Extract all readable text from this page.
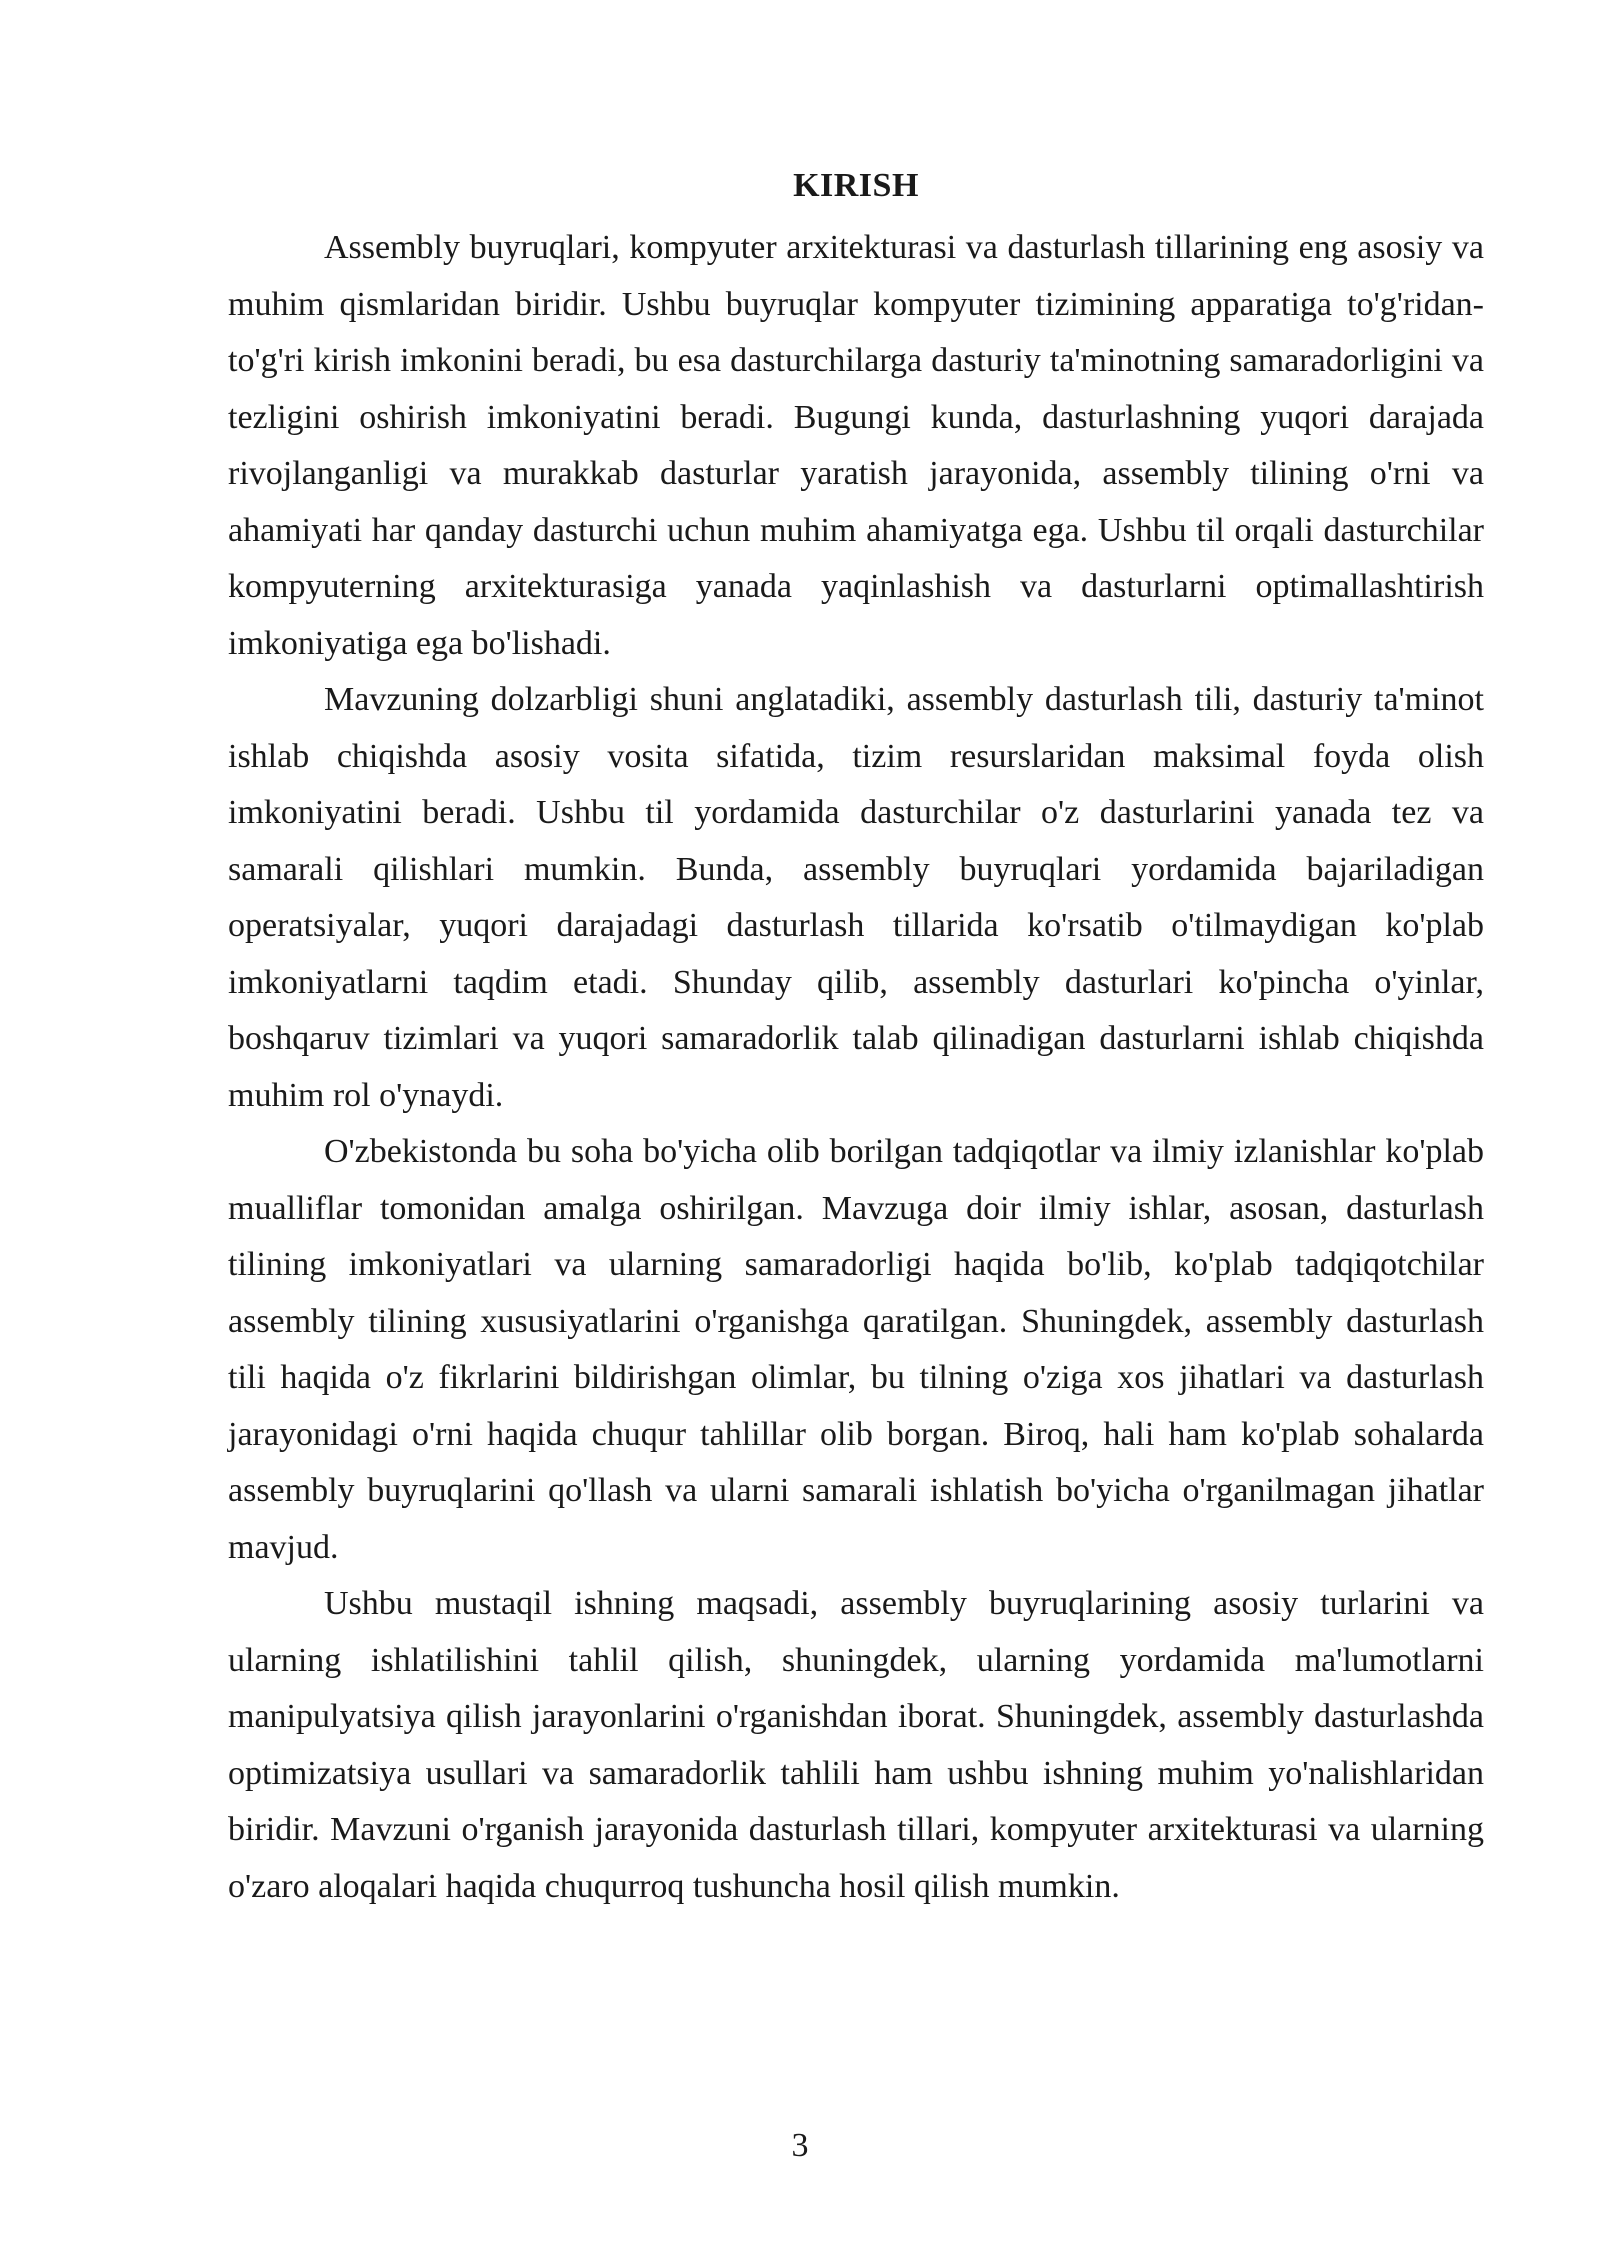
KIRISH

Assembly buyruqlari, kompyuter arxitekturasi va dasturlash tillarining eng asosiy va muhim qismlaridan biridir. Ushbu buyruqlar kompyuter tizimining apparatiga to'g'ridan-to'g'ri kirish imkonini beradi, bu esa dasturchilarga dasturiy ta'minotning samaradorligini va tezligini oshirish imkoniyatini beradi. Bugungi kunda, dasturlashning yuqori darajada rivojlanganligi va murakkab dasturlar yaratish jarayonida, assembly tilining o'rni va ahamiyati har qanday dasturchi uchun muhim ahamiyatga ega. Ushbu til orqali dasturchilar kompyuterning arxitekturasiga yanada yaqinlashish va dasturlarni optimallashtirish imkoniyatiga ega bo'lishadi.

Mavzuning dolzarbligi shuni anglatadiki, assembly dasturlash tili, dasturiy ta'minot ishlab chiqishda asosiy vosita sifatida, tizim resurslaridan maksimal foyda olish imkoniyatini beradi. Ushbu til yordamida dasturchilar o'z dasturlarini yanada tez va samarali qilishlari mumkin. Bunda, assembly buyruqlari yordamida bajariladigan operatsiyalar, yuqori darajadagi dasturlash tillarida ko'rsatib o'tilmaydigan ko'plab imkoniyatlarni taqdim etadi. Shunday qilib, assembly dasturlari ko'pincha o'yinlar, boshqaruv tizimlari va yuqori samaradorlik talab qilinadigan dasturlarni ishlab chiqishda muhim rol o'ynaydi.

O'zbekistonda bu soha bo'yicha olib borilgan tadqiqotlar va ilmiy izlanishlar ko'plab mualliflar tomonidan amalga oshirilgan. Mavzuga doir ilmiy ishlar, asosan, dasturlash tilining imkoniyatlari va ularning samaradorligi haqida bo'lib, ko'plab tadqiqotchilar assembly tilining xususiyatlarini o'rganishga qaratilgan. Shuningdek, assembly dasturlash tili haqida o'z fikrlarini bildirishgan olimlar, bu tilning o'ziga xos jihatlari va dasturlash jarayonidagi o'rni haqida chuqur tahlillar olib borgan. Biroq, hali ham ko'plab sohalarda assembly buyruqlarini qo'llash va ularni samarali ishlatish bo'yicha o'rganilmagan jihatlar mavjud.

Ushbu mustaqil ishning maqsadi, assembly buyruqlarining asosiy turlarini va ularning ishlatilishini tahlil qilish, shuningdek, ularning yordamida ma'lumotlarni manipulyatsiya qilish jarayonlarini o'rganishdan iborat. Shuningdek, assembly dasturlashda optimizatsiya usullari va samaradorlik tahlili ham ushbu ishning muhim yo'nalishlaridan biridir. Mavzuni o'rganish jarayonida dasturlash tillari, kompyuter arxitekturasi va ularning o'zaro aloqalari haqida chuqurroq tushuncha hosil qilish mumkin.

3
